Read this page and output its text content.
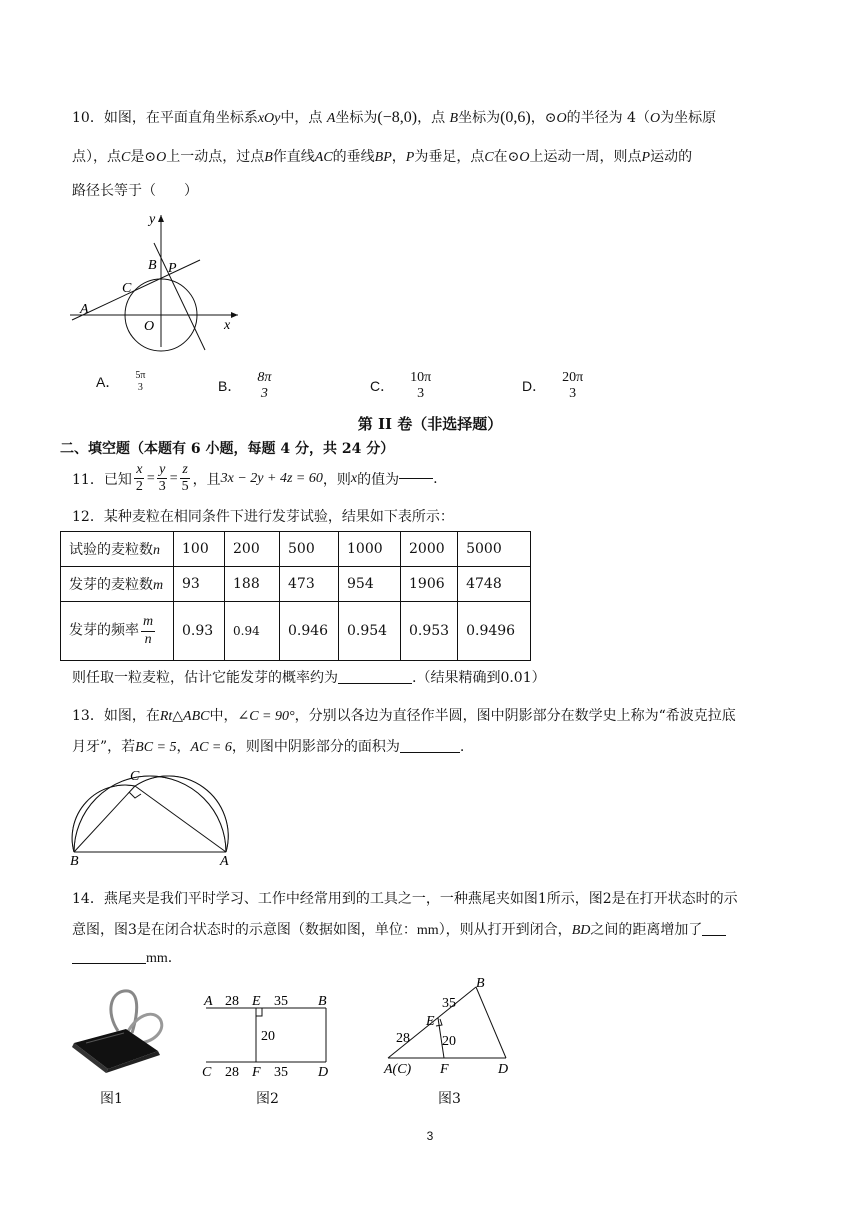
10．如图，在平面直角坐标系xOy中，点 A坐标为(−8,0)，点 B坐标为(0,6)，⊙O的半径为 4（O为坐标原
点），点C是⊙O上一动点，过点B作直线AC的垂线BP，P为垂足，点C在⊙O上运动一周，则点P运动的
路径长等于（　　）
y
B P
C
A
O	x
A． 5π
3	B．
8π
3	C．
10π
3	D．
20π
3
第 II 卷（非选择题）
二、填空题（本题有 6 小题，每题 4 分，共 24 分）
11．已知 $\frac{x}{2} = \frac{y}{3} = \frac{z}{5}$ ，且 3x − 2y + 4z = 60 ，则 x 的值为 .
12．某种麦粒在相同条件下进行发芽试验，结果如下表所示：
试验的麦粒数n	100	200	500	1000	2000	5000
发芽的麦粒数m	93	188	473	954	1906	4748
发芽的频率 $\frac{m}{n}$	0.93	0.94	0.946	0.954	0.953	0.9496
则任取一粒麦粒，估计它能发芽的概率约为	.（结果精确到0.01）
13．如图，在Rt△ABC中，∠C = 90°，分别以各边为直径作半圆，图中阴影部分在数学史上称为“希波克拉底
月牙”，若BC = 5，AC = 6，则图中阴影部分的面积为	.
C
B	A
14．燕尾夹是我们平时学习、工作中经常用到的工具之一，一种燕尾夹如图1所示，图2是在打开状态时的示
意图，图3是在闭合状态时的示意图（数据如图，单位：mm），则从打开到闭合，BD之间的距离增加了
mm.
A 28 E 35 B
20
C 28 F 35 D
B
35
E
28 20
A(C) F	D
图1	图2	图3
3
